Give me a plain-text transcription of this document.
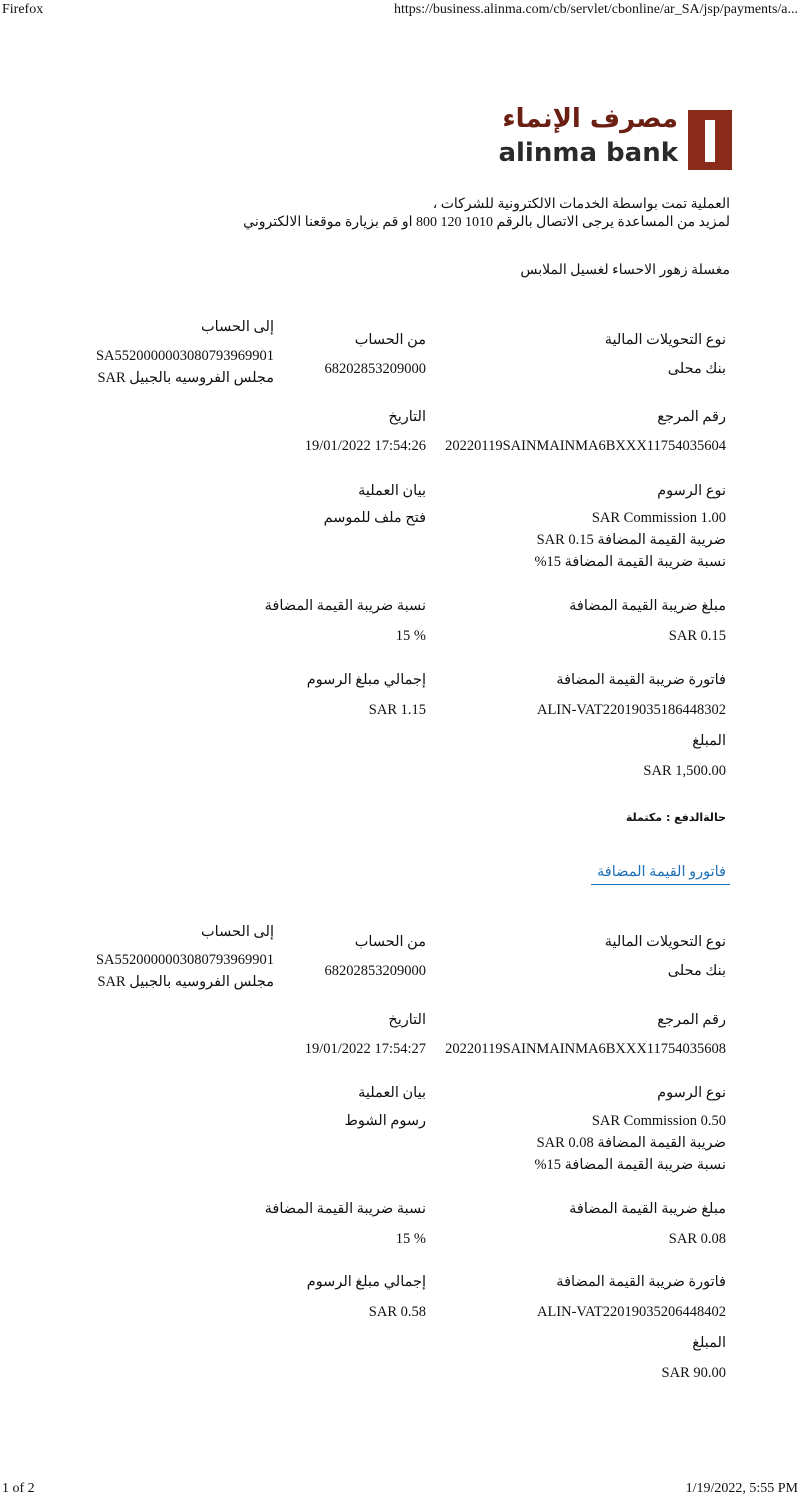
Firefox	https://business.alinma.com/cb/servlet/cbonline/ar_SA/jsp/payments/a...
1 of 2	1/19/2022, 5:55 PM
مصرف الإنماء
alinma bank
العملية تمت بواسطة الخدمات الالكترونية للشركات ،
لمزيد من المساعدة يرجى الاتصال بالرقم 1010 120 800 او قم بزيارة موقعنا الالكتروني
مغسلة زهور الاحساء لغسيل الملابس
نوع التحويلات المالية
بنك محلى
من الحساب
68202853209000
إلى الحساب
SA5520000003080793969901
مجلس الفروسيه بالجبيل SAR
رقم المرجع
20220119SAINMAINMA6BXXX11754035604
التاريخ
17:54:26 19/01/2022
نوع الرسوم
SAR Commission 1.00
ضريبة القيمة المضافة SAR 0.15
نسبة ضريبة القيمة المضافة 15%
بيان العملية
فتح ملف للموسم
مبلغ ضريبة القيمة المضافة
SAR 0.15
نسبة ضريبة القيمة المضافة
% 15
فاتورة ضريبة القيمة المضافة
ALIN-VAT22019035186448302
إجمالي مبلغ الرسوم
SAR 1.15
المبلغ
SAR 1,500.00
حالةالدفع : مكتملة
فاتورو القيمة المضافة
نوع التحويلات المالية
بنك محلى
من الحساب
68202853209000
إلى الحساب
SA5520000003080793969901
مجلس الفروسيه بالجبيل SAR
رقم المرجع
20220119SAINMAINMA6BXXX11754035608
التاريخ
17:54:27 19/01/2022
نوع الرسوم
SAR Commission 0.50
ضريبة القيمة المضافة SAR 0.08
نسبة ضريبة القيمة المضافة 15%
بيان العملية
رسوم الشوط
مبلغ ضريبة القيمة المضافة
SAR 0.08
نسبة ضريبة القيمة المضافة
% 15
فاتورة ضريبة القيمة المضافة
ALIN-VAT22019035206448402
إجمالي مبلغ الرسوم
SAR 0.58
المبلغ
SAR 90.00
